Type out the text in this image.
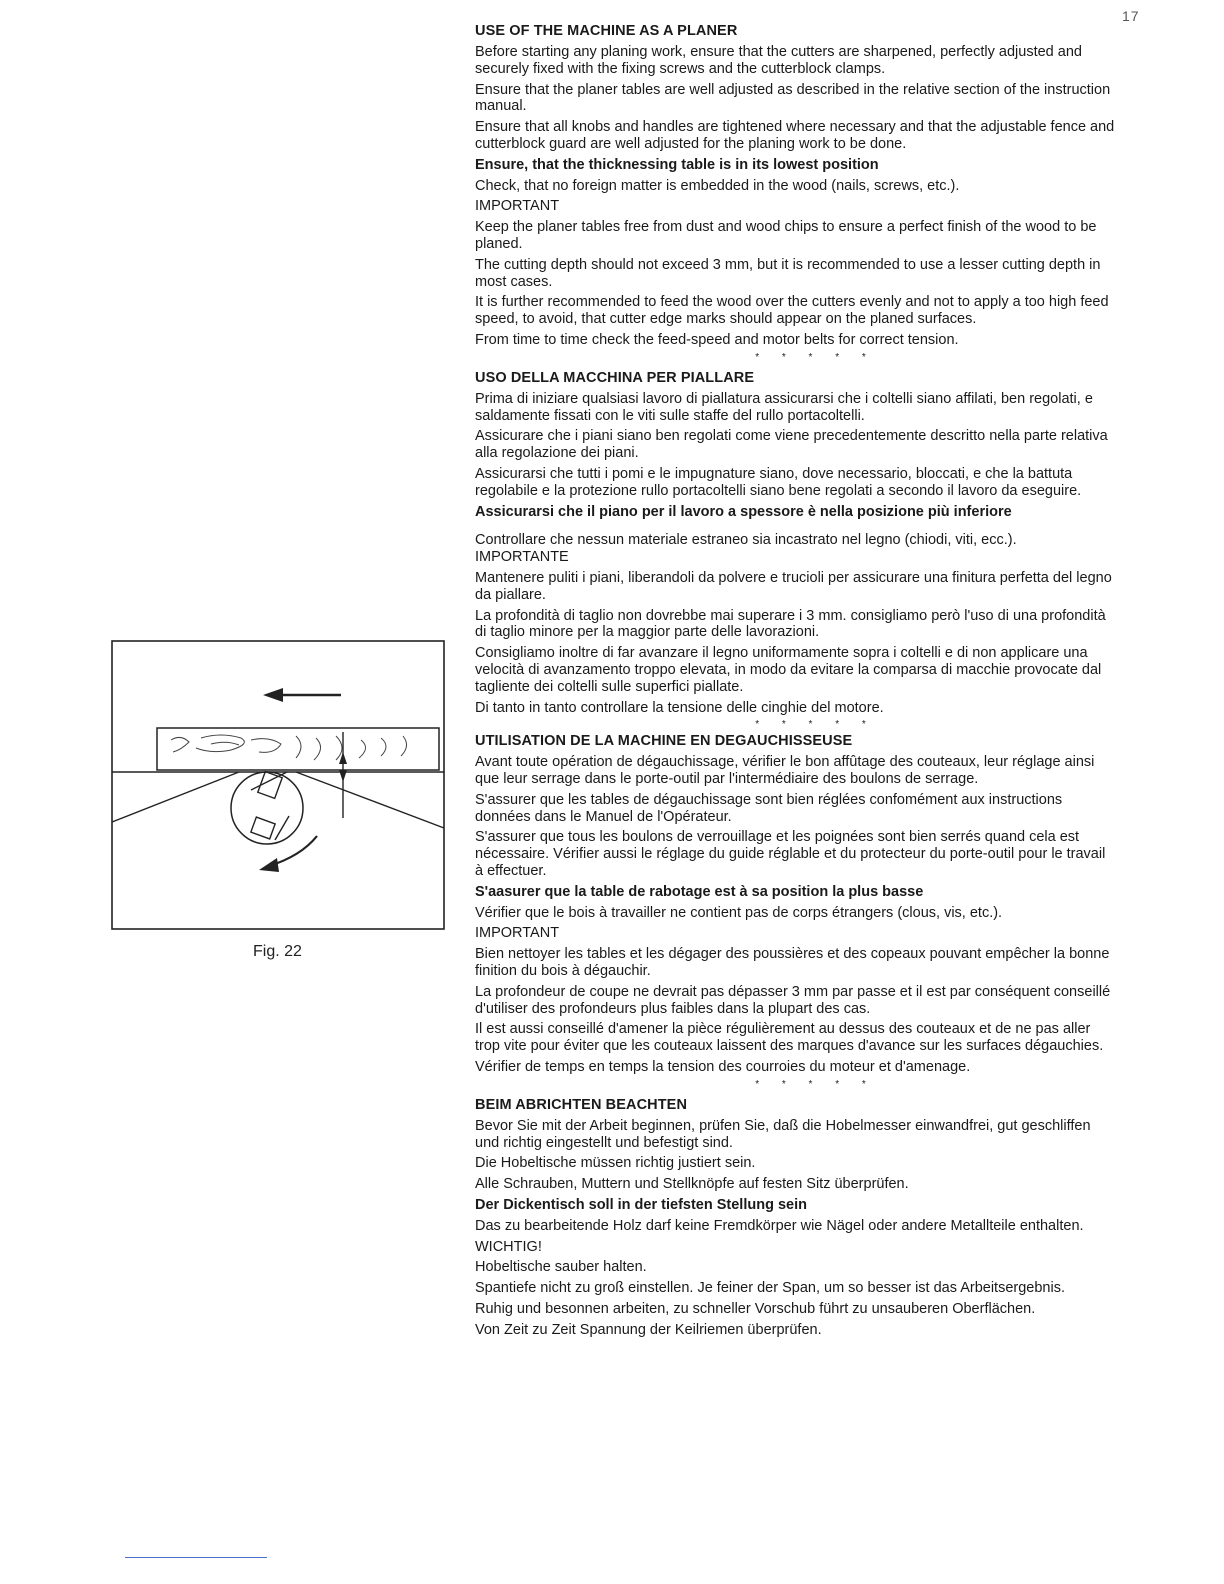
17
Fig. 22
USE OF THE MACHINE AS A PLANER

Before starting any planing work, ensure that the cutters are sharpened, perfectly adjusted and securely fixed with the fixing screws and the cutterblock clamps.

Ensure that the planer tables are well adjusted as described in the relative section of the instruction manual.

Ensure that all knobs and handles are tightened where necessary and that the adjustable fence and cutterblock guard are well adjusted for the planing work to be done.

Ensure, that the thicknessing table is in its lowest position

Check, that no foreign matter is embedded in the wood (nails, screws, etc.).

IMPORTANT

Keep the planer tables free from dust and wood chips to ensure a perfect finish of the wood to be planed.

The cutting depth should not exceed 3 mm, but it is recommended to use a lesser cutting depth in most cases.

It is further recommended to feed the wood over the cutters evenly and not to apply a too high feed speed, to avoid, that cutter edge marks should appear on the planed surfaces.

From time to time check the feed-speed and motor belts for correct tension.

* * * * *
USO DELLA MACCHINA PER PIALLARE

Prima di iniziare qualsiasi lavoro di piallatura assicurarsi che i coltelli siano affilati, ben regolati, e saldamente fissati con le viti sulle staffe del rullo portacoltelli.

Assicurare che i piani siano ben regolati come viene precedentemente descritto nella parte relativa alla regolazione dei piani.

Assicurarsi che tutti i pomi e le impugnature siano, dove necessario, bloccati, e che la battuta regolabile e la protezione rullo portacoltelli siano bene regolati a secondo il lavoro da eseguire.

Assicurarsi che il piano per il lavoro a spessore è nella posizione più inferiore

Controllare che nessun materiale estraneo sia incastrato nel legno (chiodi, viti, ecc.).

IMPORTANTE

Mantenere puliti i piani, liberandoli da polvere e trucioli per assicurare una finitura perfetta del legno da piallare.

La profondità di taglio non dovrebbe mai superare i 3 mm. consigliamo però l'uso di una profondità di taglio minore per la maggior parte delle lavorazioni.

Consigliamo inoltre di far avanzare il legno uniformamente sopra i coltelli e di non applicare una velocità di avanzamento troppo elevata, in modo da evitare la comparsa di macchie provocate dal tagliente dei coltelli sulle superfici piallate.

Di tanto in tanto controllare la tensione delle cinghie del motore.

* * * * *
UTILISATION DE LA MACHINE EN DEGAUCHISSEUSE

Avant toute opération de dégauchissage, vérifier le bon affûtage des couteaux, leur réglage ainsi que leur serrage dans le porte-outil par l'intermédiaire des boulons de serrage.

S'assurer que les tables de dégauchissage sont bien réglées confomément aux instructions données dans le Manuel de l'Opérateur.

S'assurer que tous les boulons de verrouillage et les poignées sont bien serrés quand cela est nécessaire. Vérifier aussi le réglage du guide réglable et du protecteur du porte-outil pour le travail à effectuer.

S'aasurer que la table de rabotage est à sa position la plus basse

Vérifier que le bois à travailler ne contient pas de corps étrangers (clous, vis, etc.).

IMPORTANT

Bien nettoyer les tables et les dégager des poussières et des copeaux pouvant empêcher la bonne finition du bois à dégauchir.

La profondeur de coupe ne devrait pas dépasser 3 mm par passe et il est par conséquent conseillé d'utiliser des profondeurs plus faibles dans la plupart des cas.

Il est aussi conseillé d'amener la pièce régulièrement au dessus des couteaux et de ne pas aller trop vite pour éviter que les couteaux laissent des marques d'avance sur les surfaces dégauchies.

Vérifier de temps en temps la tension des courroies du moteur et d'amenage.

* * * * *
BEIM ABRICHTEN BEACHTEN

Bevor Sie mit der Arbeit beginnen, prüfen Sie, daß die Hobelmesser einwandfrei, gut geschliffen und richtig eingestellt und befestigt sind.

Die Hobeltische müssen richtig justiert sein.

Alle Schrauben, Muttern und Stellknöpfe auf festen Sitz überprüfen.

Der Dickentisch soll in der tiefsten Stellung sein

Das zu bearbeitende Holz darf keine Fremdkörper wie Nägel oder andere Metallteile enthalten.

WICHTIG!

Hobeltische sauber halten.

Spantiefe nicht zu groß einstellen. Je feiner der Span, um so besser ist das Arbeitsergebnis.

Ruhig und besonnen arbeiten, zu schneller Vorschub führt zu unsauberen Oberflächen.

Von Zeit zu Zeit Spannung der Keilriemen überprüfen.
